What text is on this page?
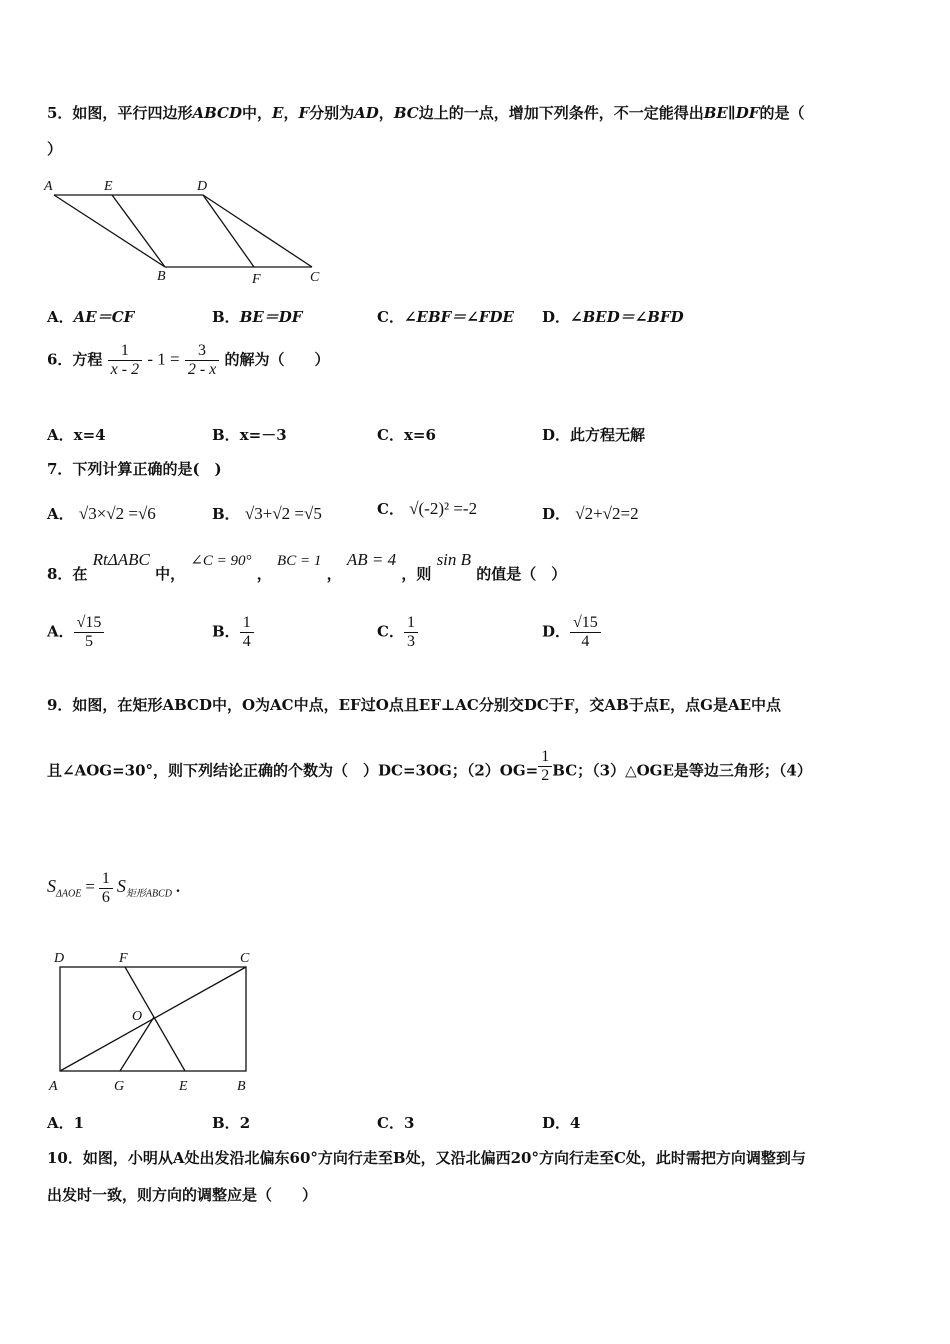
5．如图，平行四边形ABCD中，E，F分别为AD，BC边上的一点，增加下列条件，不一定能得出BE∥DF的是（
）
A	E	D
B	F	C
A．AE＝CF	B．BE＝DF	C．∠EBF＝∠FDE D．∠BED＝∠BFD
6．方程 $\frac{1}{x - 2} - 1 = \frac{3}{2 - x}$ 的解为（　　）
A．x=4	B．x=－3	C．x=6	D．此方程无解
7．下列计算正确的是(　)
A． √3×√2 =√6	B． √3+√2 =√5	C． √(-2)² =-2	D． √2+√2=2
8．在 RtΔABC 中， ∠C = 90° ， BC = 1 ， AB = 4 ，则 sin B 的值是（　）
A． $\frac{√15}{5}$	B． $\frac{1}{4}$	C． $\frac{1}{3}$	D． $\frac{√15}{4}$
9．如图，在矩形ABCD中，O为AC中点，EF过O点且EF⊥AC分别交DC于F，交AB于点E，点G是AE中点
且∠AOG=30°，则下列结论正确的个数为（　）DC=3OG；$(2)OG= \frac{1}{2}$ BC；（3）△OGE是等边三角形；（4）
$S_{\Delta AOE} = \frac{1}{6} S_{矩形ABCD}$ .
D	F	C
O
A	G	E	B
A．1	B．2	C．3	D．4
10．如图，小明从A处出发沿北偏东60°方向行走至B处，又沿北偏西20°方向行走至C处，此时需把方向调整到与
出发时一致，则方向的调整应是（　　）
